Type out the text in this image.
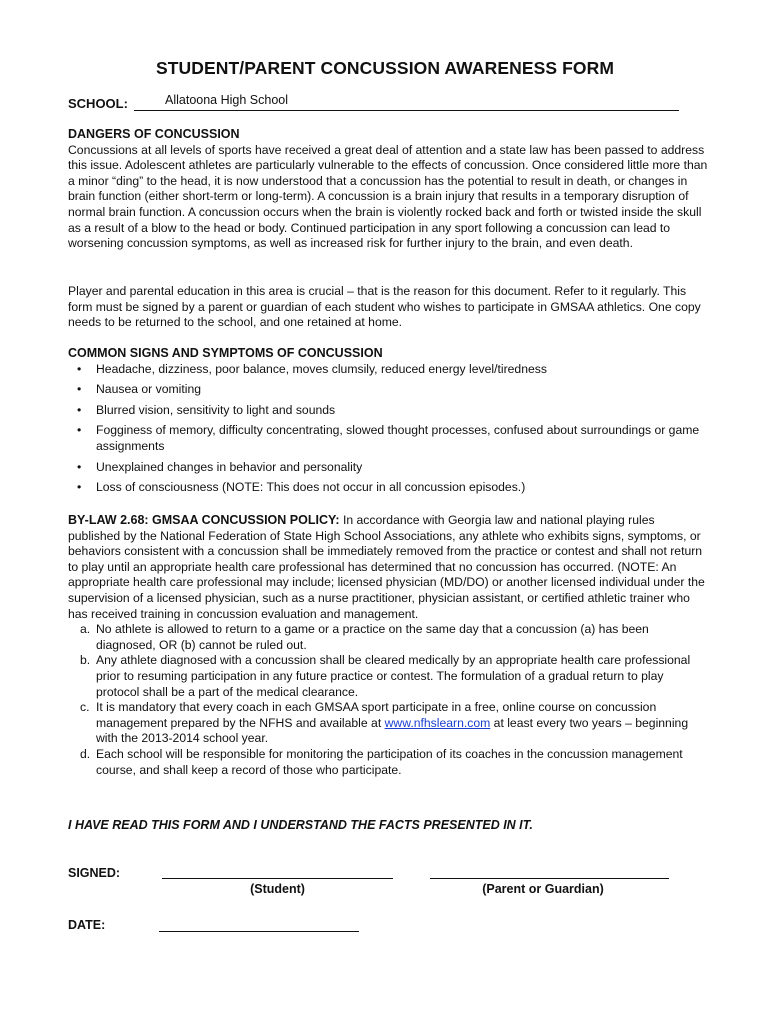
STUDENT/PARENT CONCUSSION AWARENESS FORM
SCHOOL:	Allatoona High School
DANGERS OF CONCUSSION

Concussions at all levels of sports have received a great deal of attention and a state law has been passed to address this issue. Adolescent athletes are particularly vulnerable to the effects of concussion. Once considered little more than a minor “ding” to the head, it is now understood that a concussion has the potential to result in death, or changes in brain function (either short-term or long-term). A concussion is a brain injury that results in a temporary disruption of normal brain function. A concussion occurs when the brain is violently rocked back and forth or twisted inside the skull as a result of a blow to the head or body. Continued participation in any sport following a concussion can lead to worsening concussion symptoms, as well as increased risk for further injury to the brain, and even death.

Player and parental education in this area is crucial – that is the reason for this document. Refer to it regularly. This form must be signed by a parent or guardian of each student who wishes to participate in GMSAA athletics. One copy needs to be returned to the school, and one retained at home.

COMMON SIGNS AND SYMPTOMS OF CONCUSSION
• Headache, dizziness, poor balance, moves clumsily, reduced energy level/tiredness
• Nausea or vomiting
• Blurred vision, sensitivity to light and sounds
• Fogginess of memory, difficulty concentrating, slowed thought processes, confused about surroundings or game assignments
• Unexplained changes in behavior and personality
• Loss of consciousness (NOTE: This does not occur in all concussion episodes.)

BY-LAW 2.68: GMSAA CONCUSSION POLICY: In accordance with Georgia law and national playing rules published by the National Federation of State High School Associations, any athlete who exhibits signs, symptoms, or behaviors consistent with a concussion shall be immediately removed from the practice or contest and shall not return to play until an appropriate health care professional has determined that no concussion has occurred. (NOTE: An appropriate health care professional may include; licensed physician (MD/DO) or another licensed individual under the supervision of a licensed physician, such as a nurse practitioner, physician assistant, or certified athletic trainer who has received training in concussion evaluation and management.

a. No athlete is allowed to return to a game or a practice on the same day that a concussion (a) has been diagnosed, OR (b) cannot be ruled out.
b. Any athlete diagnosed with a concussion shall be cleared medically by an appropriate health care professional prior to resuming participation in any future practice or contest. The formulation of a gradual return to play protocol shall be a part of the medical clearance.
c. It is mandatory that every coach in each GMSAA sport participate in a free, online course on concussion management prepared by the NFHS and available at www.nfhslearn.com at least every two years – beginning with the 2013-2014 school year.
d. Each school will be responsible for monitoring the participation of its coaches in the concussion management course, and shall keep a record of those who participate.
I HAVE READ THIS FORM AND I UNDERSTAND THE FACTS PRESENTED IN IT.
SIGNED:
(Student)	(Parent or Guardian)
DATE:
